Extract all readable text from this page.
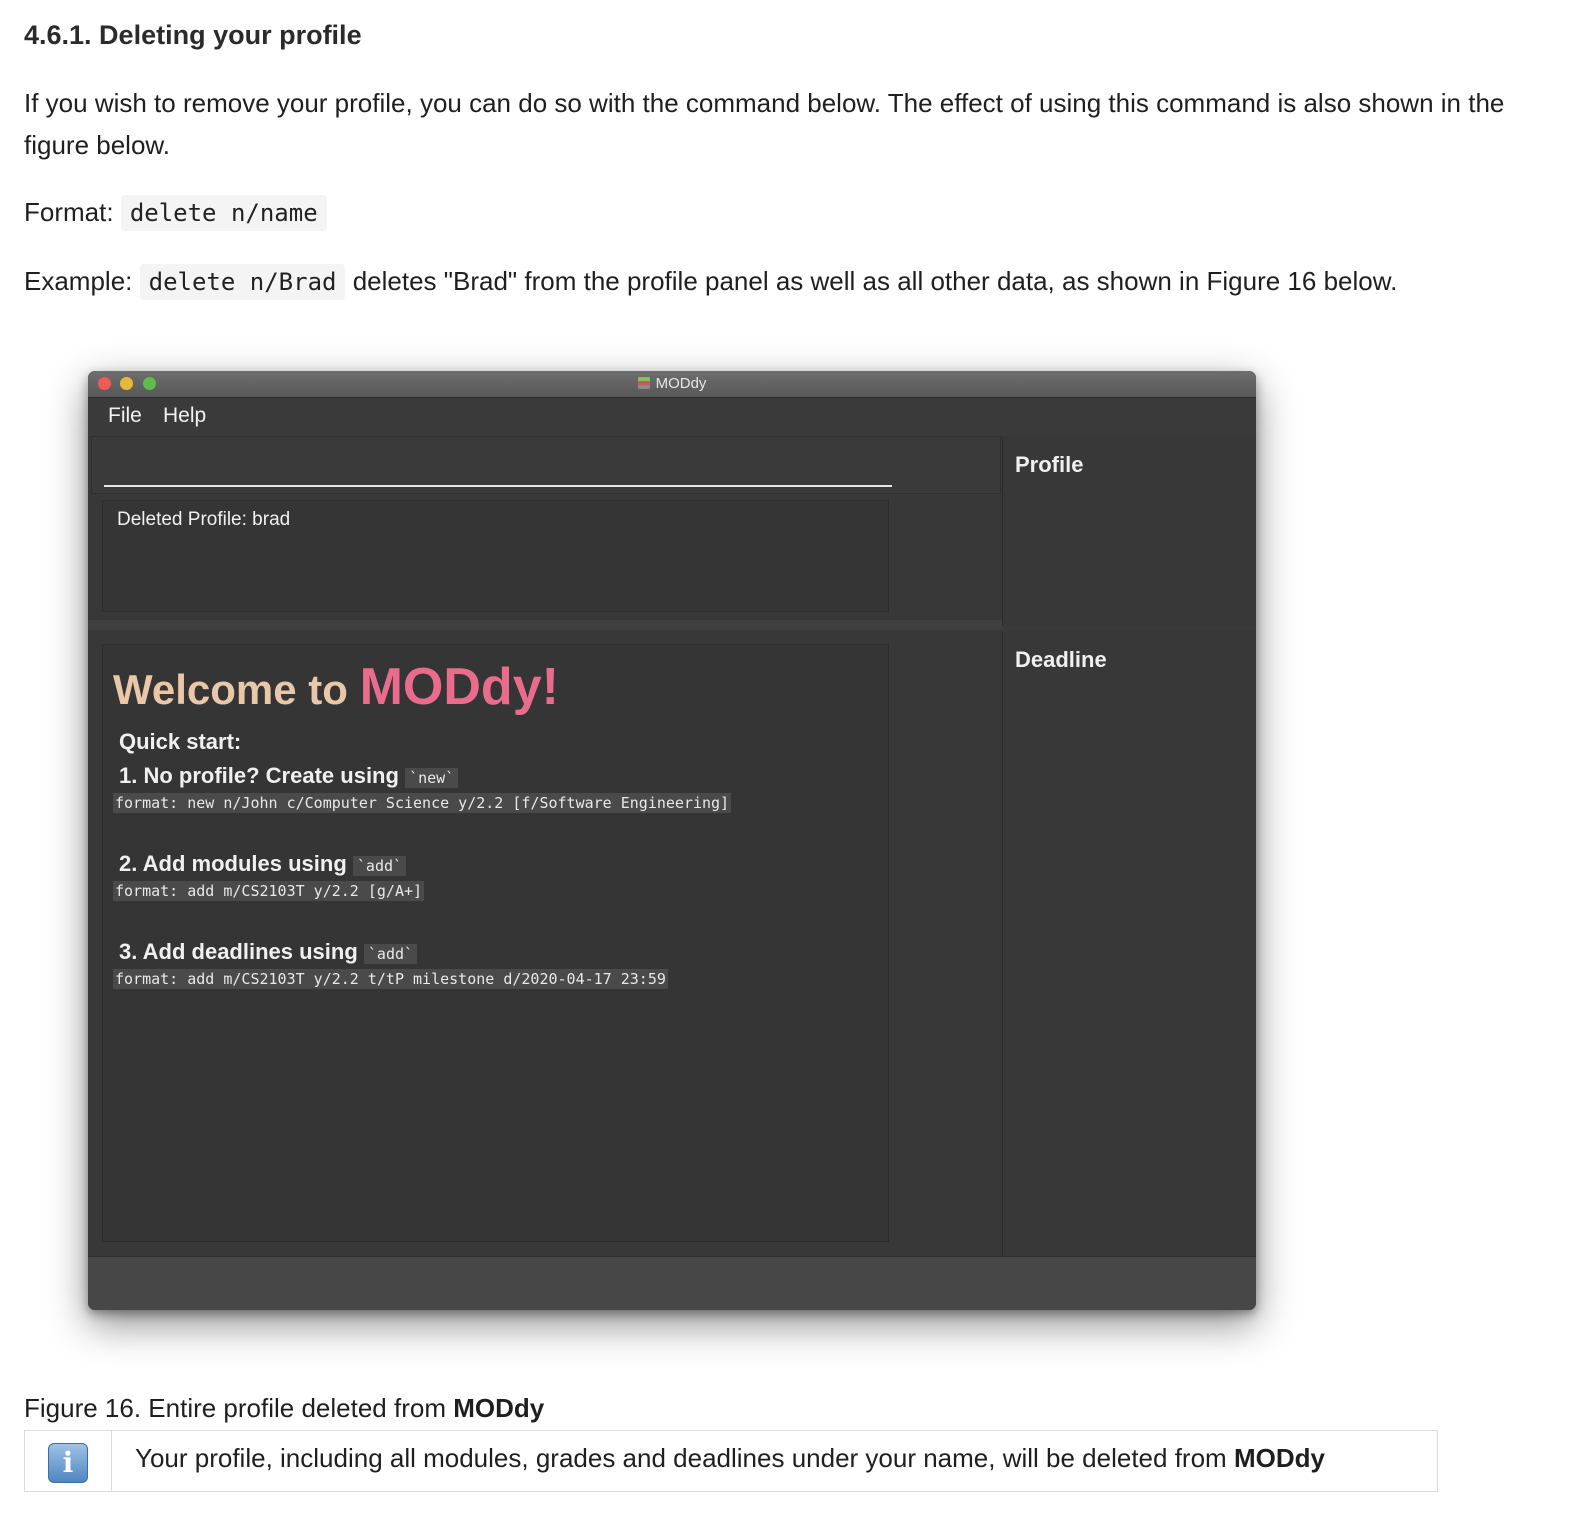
4.6.1. Deleting your profile

If you wish to remove your profile, you can do so with the command below. The effect of using this command is also shown in the figure below.

Format: delete n/name

Example: delete n/Brad deletes "Brad" from the profile panel as well as all other data, as shown in Figure 16 below.

MODdy
File Help
Deleted Profile: brad
Welcome to MODdy!
Quick start:
1. No profile? Create using `new`
format: new n/John c/Computer Science y/2.2 [f/Software Engineering]
2. Add modules using `add`
format: add m/CS2103T y/2.2 [g/A+]
3. Add deadlines using `add`
format: add m/CS2103T y/2.2 t/tP milestone d/2020-04-17 23:59
Profile
Deadline
Figure 16. Entire profile deleted from MODdy
i	Your profile, including all modules, grades and deadlines under your name, will be deleted from MODdy
